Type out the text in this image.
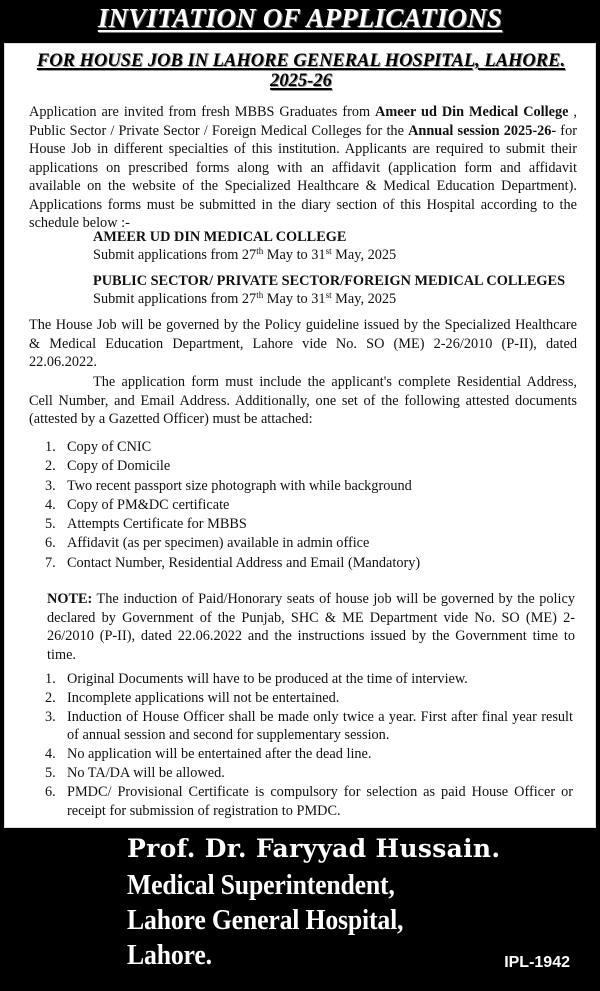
INVITATION OF APPLICATIONS
FOR HOUSE JOB IN LAHORE GENERAL HOSPITAL, LAHORE.
2025-26
Application are invited from fresh MBBS Graduates from Ameer ud Din Medical College , Public Sector / Private Sector / Foreign Medical Colleges for the Annual session 2025-26- for House Job in different specialties of this institution. Applicants are required to submit their applications on prescribed forms along with an affidavit (application form and affidavit available on the website of the Specialized Healthcare & Medical Education Department). Applications forms must be submitted in the diary section of this Hospital according to the schedule below :-
AMEER UD DIN MEDICAL COLLEGE
Submit applications from 27th May to 31st May, 2025
PUBLIC SECTOR/ PRIVATE SECTOR/FOREIGN MEDICAL COLLEGES
Submit applications from 27th May to 31st May, 2025
The House Job will be governed by the Policy guideline issued by the Specialized Healthcare & Medical Education Department, Lahore vide No. SO (ME) 2-26/2010 (P-II), dated 22.06.2022.
The application form must include the applicant's complete Residential Address, Cell Number, and Email Address. Additionally, one set of the following attested documents (attested by a Gazetted Officer) must be attached:
1. Copy of CNIC
2. Copy of Domicile
3. Two recent passport size photograph with while background
4. Copy of PM&DC certificate
5. Attempts Certificate for MBBS
6. Affidavit (as per specimen) available in admin office
7. Contact Number, Residential Address and Email (Mandatory)
NOTE: The induction of Paid/Honorary seats of house job will be governed by the policy declared by Government of the Punjab, SHC & ME Department vide No. SO (ME) 2-26/2010 (P-II), dated 22.06.2022 and the instructions issued by the Government time to time.
1. Original Documents will have to be produced at the time of interview.
2. Incomplete applications will not be entertained.
3. Induction of House Officer shall be made only twice a year. First after final year result of annual session and second for supplementary session.
4. No application will be entertained after the dead line.
5. No TA/DA will be allowed.
6. PMDC/ Provisional Certificate is compulsory for selection as paid House Officer or receipt for submission of registration to PMDC.
Prof. Dr. Faryyad Hussain.
Medical Superintendent,
Lahore General Hospital,
Lahore.	IPL-1942
